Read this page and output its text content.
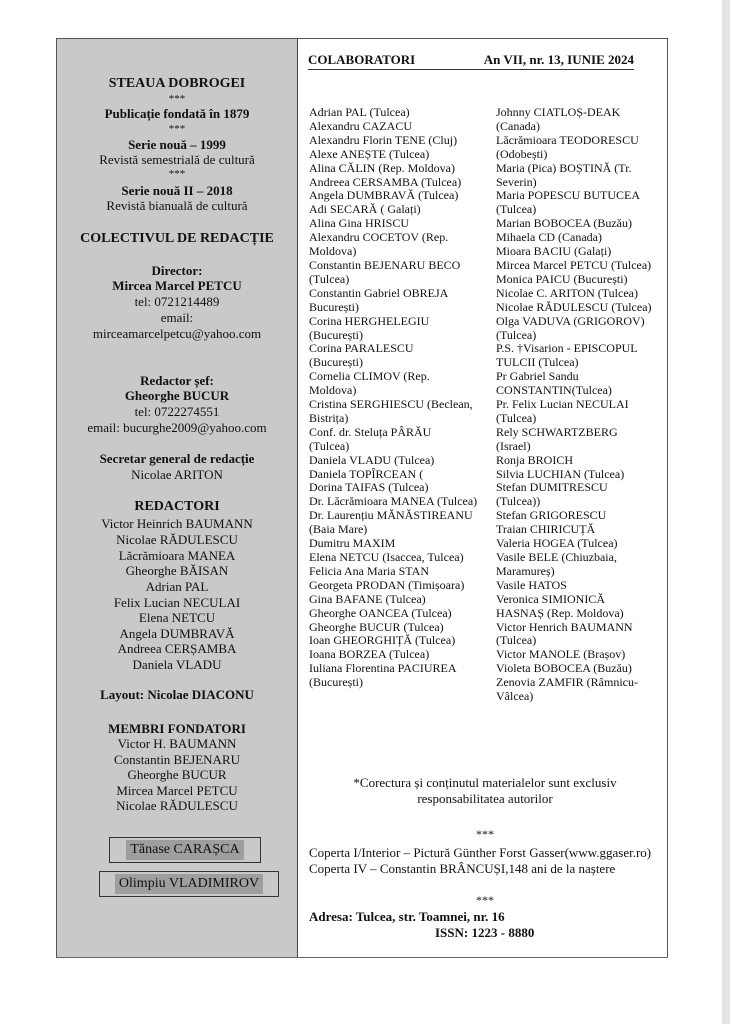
STEAUA DOBROGEI
***
Publicație fondată în 1879
***
Serie nouă – 1999
Revistă semestrială de cultură
***
Serie nouă II – 2018
Revistă bianuală de cultură
COLECTIVUL DE REDACȚIE
Director:
Mircea Marcel PETCU
tel: 0721214489
email:
mirceamarcelpetcu@yahoo.com
Redactor șef:
Gheorghe BUCUR
tel: 0722274551
email: bucurghe2009@yahoo.com
Secretar general de redacție
Nicolae ARITON
REDACTORI
Victor Heinrich BAUMANN
Nicolae RĂDULESCU
Lăcrămioara MANEA
Gheorghe BĂISAN
Adrian PAL
Felix Lucian NECULAI
Elena NETCU
Angela DUMBRAVĂ
Andreea CERȘAMBA
Daniela VLADU
Layout: Nicolae DIACONU
MEMBRI FONDATORI
Victor H. BAUMANN
Constantin BEJENARU
Gheorghe BUCUR
Mircea Marcel PETCU
Nicolae RĂDULESCU
Tănase CARAȘCA
Olimpiu VLADIMIROV
COLABORATORI	An VII, nr. 13, IUNIE 2024
Adrian PAL (Tulcea)
Alexandru CAZACU
Alexandru Florin TENE (Cluj)
Alexe ANEȘTE (Tulcea)
Alina CĂLIN (Rep. Moldova)
Andreea CERSAMBA (Tulcea)
Angela DUMBRAVĂ (Tulcea)
Adi SECARĂ ( Galați)
Alina Gina HRISCU
Alexandru COCETOV (Rep.
Moldova)
Constantin BEJENARU BECO
(Tulcea)
Constantin Gabriel OBREJA
București)
Corina HERGHELEGIU
(București)
Corina PARALESCU
(București)
Cornelia CLIMOV (Rep.
Moldova)
Cristina SERGHIESCU (Beclean,
Bistrița)
Conf. dr. Steluța PÂRĂU
(Tulcea)
Daniela VLADU (Tulcea)
Daniela TOPÎRCEAN (
Dorina TAIFAS (Tulcea)
Dr. Lăcrămioara MANEA (Tulcea)
Dr. Laurențiu MĂNĂSTIREANU
(Baia Mare)
Dumitru MAXIM
Elena NETCU (Isaccea, Tulcea)
Felicia Ana Maria STAN
Georgeta PRODAN (Timișoara)
Gina BAFANE (Tulcea)
Gheorghe OANCEA (Tulcea)
Gheorghe BUCUR (Tulcea)
Ioan GHEORGHIȚĂ (Tulcea)
Ioana BORZEA (Tulcea)
Iuliana Florentina PACIUREA
(București)
Johnny CIATLOȘ-DEAK
(Canada)
Lăcrămioara TEODORESCU
(Odobești)
Maria (Pica) BOȘTINĂ (Tr.
Severin)
Maria POPESCU BUTUCEA
(Tulcea)
Marian BOBOCEA (Buzău)
Mihaela CD (Canada)
Mioara BACIU (Galați)
Mircea Marcel PETCU (Tulcea)
Monica PAICU (București)
Nicolae C. ARITON (Tulcea)
Nicolae RĂDULESCU (Tulcea)
Olga VADUVA (GRIGOROV)
(Tulcea)
P.S. †Visarion - EPISCOPUL
TULCII (Tulcea)
Pr Gabriel Sandu
CONSTANTIN(Tulcea)
Pr. Felix Lucian NECULAI
(Tulcea)
Rely SCHWARTZBERG
(Israel)
Ronja BROICH
Silvia LUCHIAN (Tulcea)
Stefan DUMITRESCU
(Tulcea))
Stefan GRIGORESCU
Traian CHIRICUȚĂ
Valeria HOGEA (Tulcea)
Vasile BELE (Chiuzbaia,
Maramureș)
Vasile HATOS
Veronica SIMIONICĂ
HASNAȘ (Rep. Moldova)
Victor Henrich BAUMANN
(Tulcea)
Victor MANOLE (Brașov)
Violeta BOBOCEA (Buzău)
Zenovia ZAMFIR (Râmnicu-
Vâlcea)
*Corectura și conținutul materialelor sunt exclusiv
responsabilitatea autorilor
***
Coperta I/Interior – Pictură Günther Forst Gasser(www.ggaser.ro)
Coperta IV – Constantin BRÂNCUȘI,148 ani de la naștere
***
Adresa: Tulcea, str. Toamnei, nr. 16
ISSN: 1223 - 8880
